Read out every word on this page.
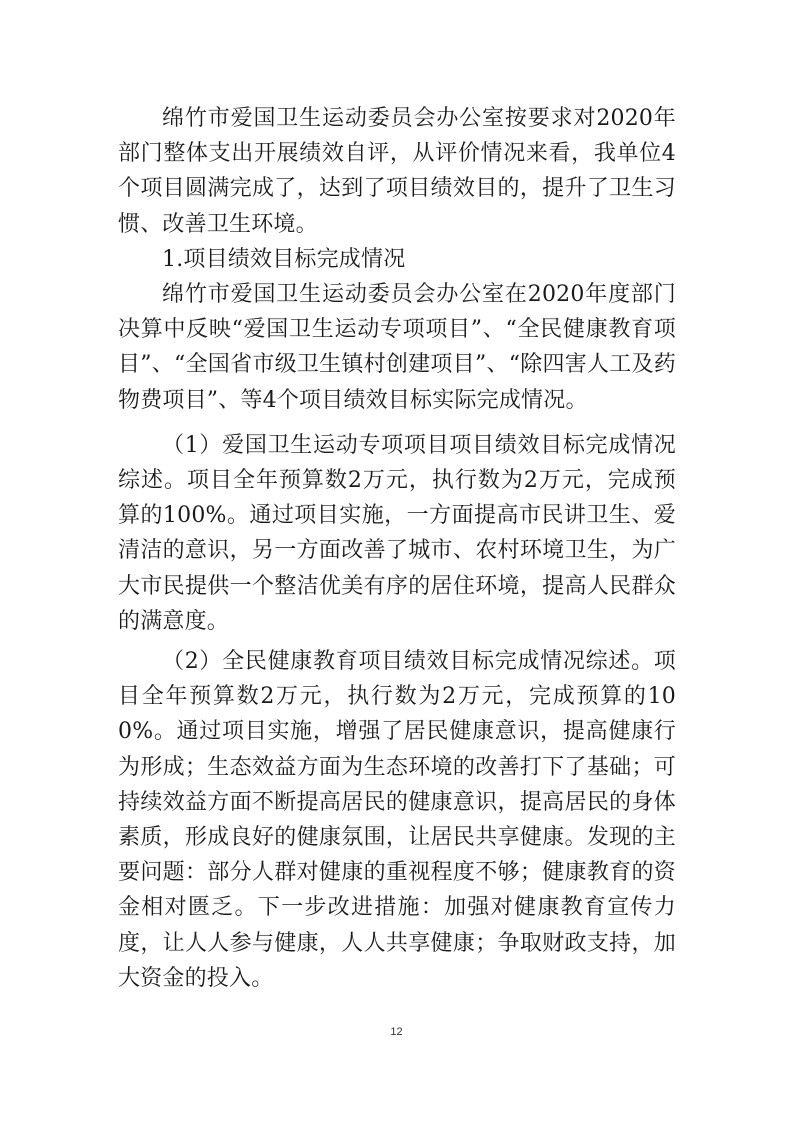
绵竹市爱国卫生运动委员会办公室按要求对2020年部门整体支出开展绩效自评，从评价情况来看，我单位4个项目圆满完成了，达到了项目绩效目的，提升了卫生习惯、改善卫生环境。

1.项目绩效目标完成情况

绵竹市爱国卫生运动委员会办公室在2020年度部门决算中反映“爱国卫生运动专项项目”、“全民健康教育项目”、“全国省市级卫生镇村创建项目”、“除四害人工及药物费项目”、等4个项目绩效目标实际完成情况。

（1）爱国卫生运动专项项目项目绩效目标完成情况综述。项目全年预算数2万元，执行数为2万元，完成预算的100%。通过项目实施，一方面提高市民讲卫生、爱清洁的意识，另一方面改善了城市、农村环境卫生，为广大市民提供一个整洁优美有序的居住环境，提高人民群众的满意度。

（2）全民健康教育项目绩效目标完成情况综述。项目全年预算数2万元，执行数为2万元，完成预算的100%。通过项目实施，增强了居民健康意识，提高健康行为形成；生态效益方面为生态环境的改善打下了基础；可持续效益方面不断提高居民的健康意识，提高居民的身体素质，形成良好的健康氛围，让居民共享健康。发现的主要问题：部分人群对健康的重视程度不够；健康教育的资金相对匮乏。下一步改进措施：加强对健康教育宣传力度，让人人参与健康，人人共享健康；争取财政支持，加大资金的投入。

12
